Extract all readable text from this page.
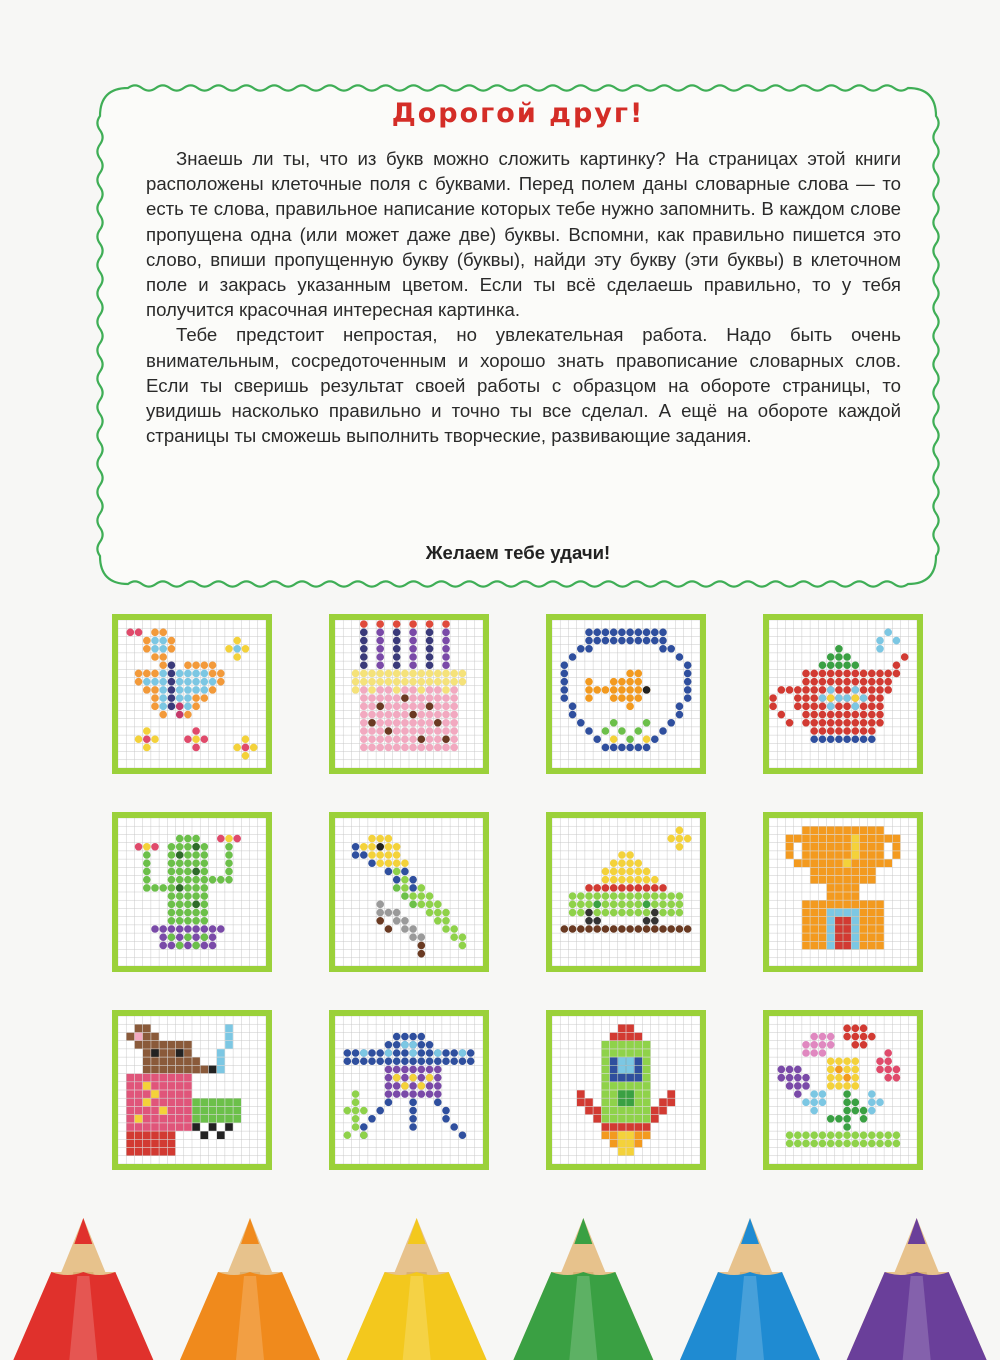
Дорогой друг!

Знаешь ли ты, что из букв можно сложить картинку? На страницах этой книги расположены клеточные поля с буквами. Перед полем даны словарные слова — то есть те слова, правильное написание которых тебе нужно запомнить. В каждом слове пропущена одна (или может даже две) буквы. Вспомни, как правильно пишется это слово, впиши пропущенную букву (буквы), найди эту букву (эти буквы) в клеточном поле и закрась указанным цветом. Если ты всё сделаешь правильно, то у тебя получится красочная интересная картинка.

Тебе предстоит непростая, но увлекательная работа. Надо быть очень внимательным, сосредоточенным и хорошо знать правописание словарных слов. Если ты сверишь результат своей работы с образцом на обороте страницы, то увидишь насколько правильно и точно ты все сделал. А ещё на обороте каждой страницы ты сможешь выполнить творческие, развивающие задания.

Желаем тебе удачи!
